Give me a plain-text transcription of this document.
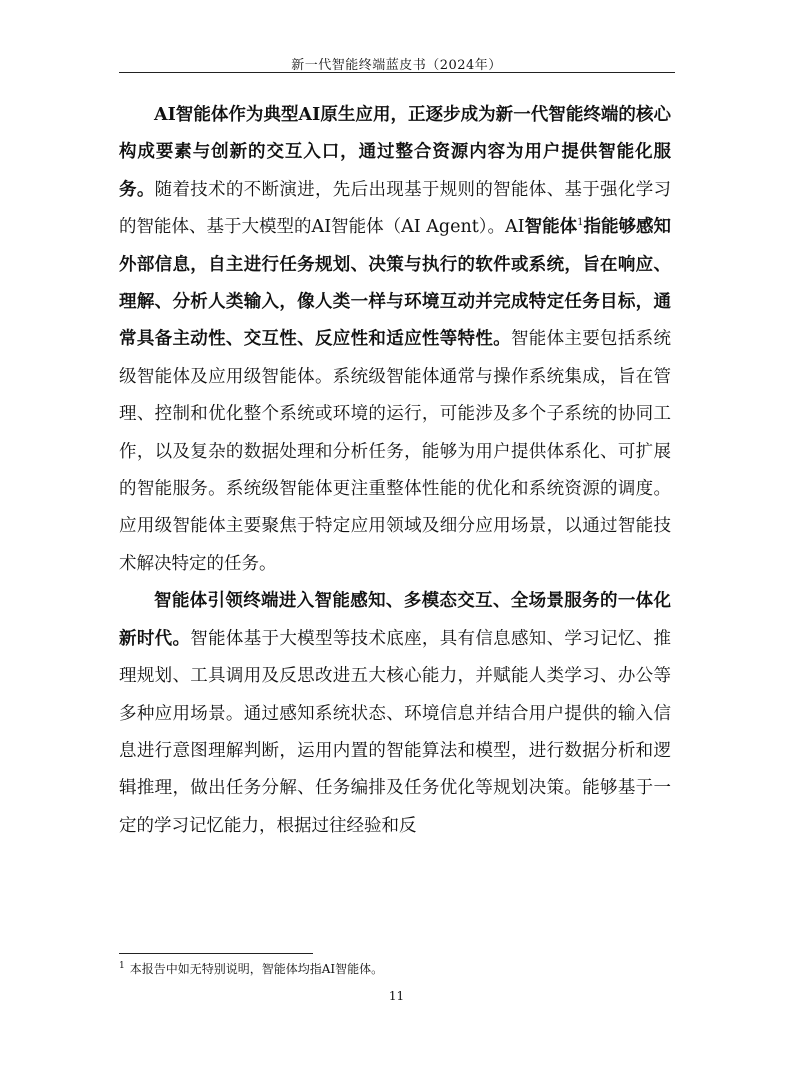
新一代智能终端蓝皮书（2024年）

AI智能体作为典型AI原生应用，正逐步成为新一代智能终端的核心构成要素与创新的交互入口，通过整合资源内容为用户提供智能化服务。随着技术的不断演进，先后出现基于规则的智能体、基于强化学习的智能体、基于大模型的AI智能体（AI Agent）。AI智能体$^1$指能够感知外部信息，自主进行任务规划、决策与执行的软件或系统，旨在响应、理解、分析人类输入，像人类一样与环境互动并完成特定任务目标，通常具备主动性、交互性、反应性和适应性等特性。智能体主要包括系统级智能体及应用级智能体。系统级智能体通常与操作系统集成，旨在管理、控制和优化整个系统或环境的运行，可能涉及多个子系统的协同工作，以及复杂的数据处理和分析任务，能够为用户提供体系化、可扩展的智能服务。系统级智能体更注重整体性能的优化和系统资源的调度。应用级智能体主要聚焦于特定应用领域及细分应用场景，以通过智能技术解决特定的任务。

智能体引领终端进入智能感知、多模态交互、全场景服务的一体化新时代。智能体基于大模型等技术底座，具有信息感知、学习记忆、推理规划、工具调用及反思改进五大核心能力，并赋能人类学习、办公等多种应用场景。通过感知系统状态、环境信息并结合用户提供的输入信息进行意图理解判断，运用内置的智能算法和模型，进行数据分析和逻辑推理，做出任务分解、任务编排及任务优化等规划决策。能够基于一定的学习记忆能力，根据过往经验和反

$^1$ 本报告中如无特别说明，智能体均指AI智能体。
11
